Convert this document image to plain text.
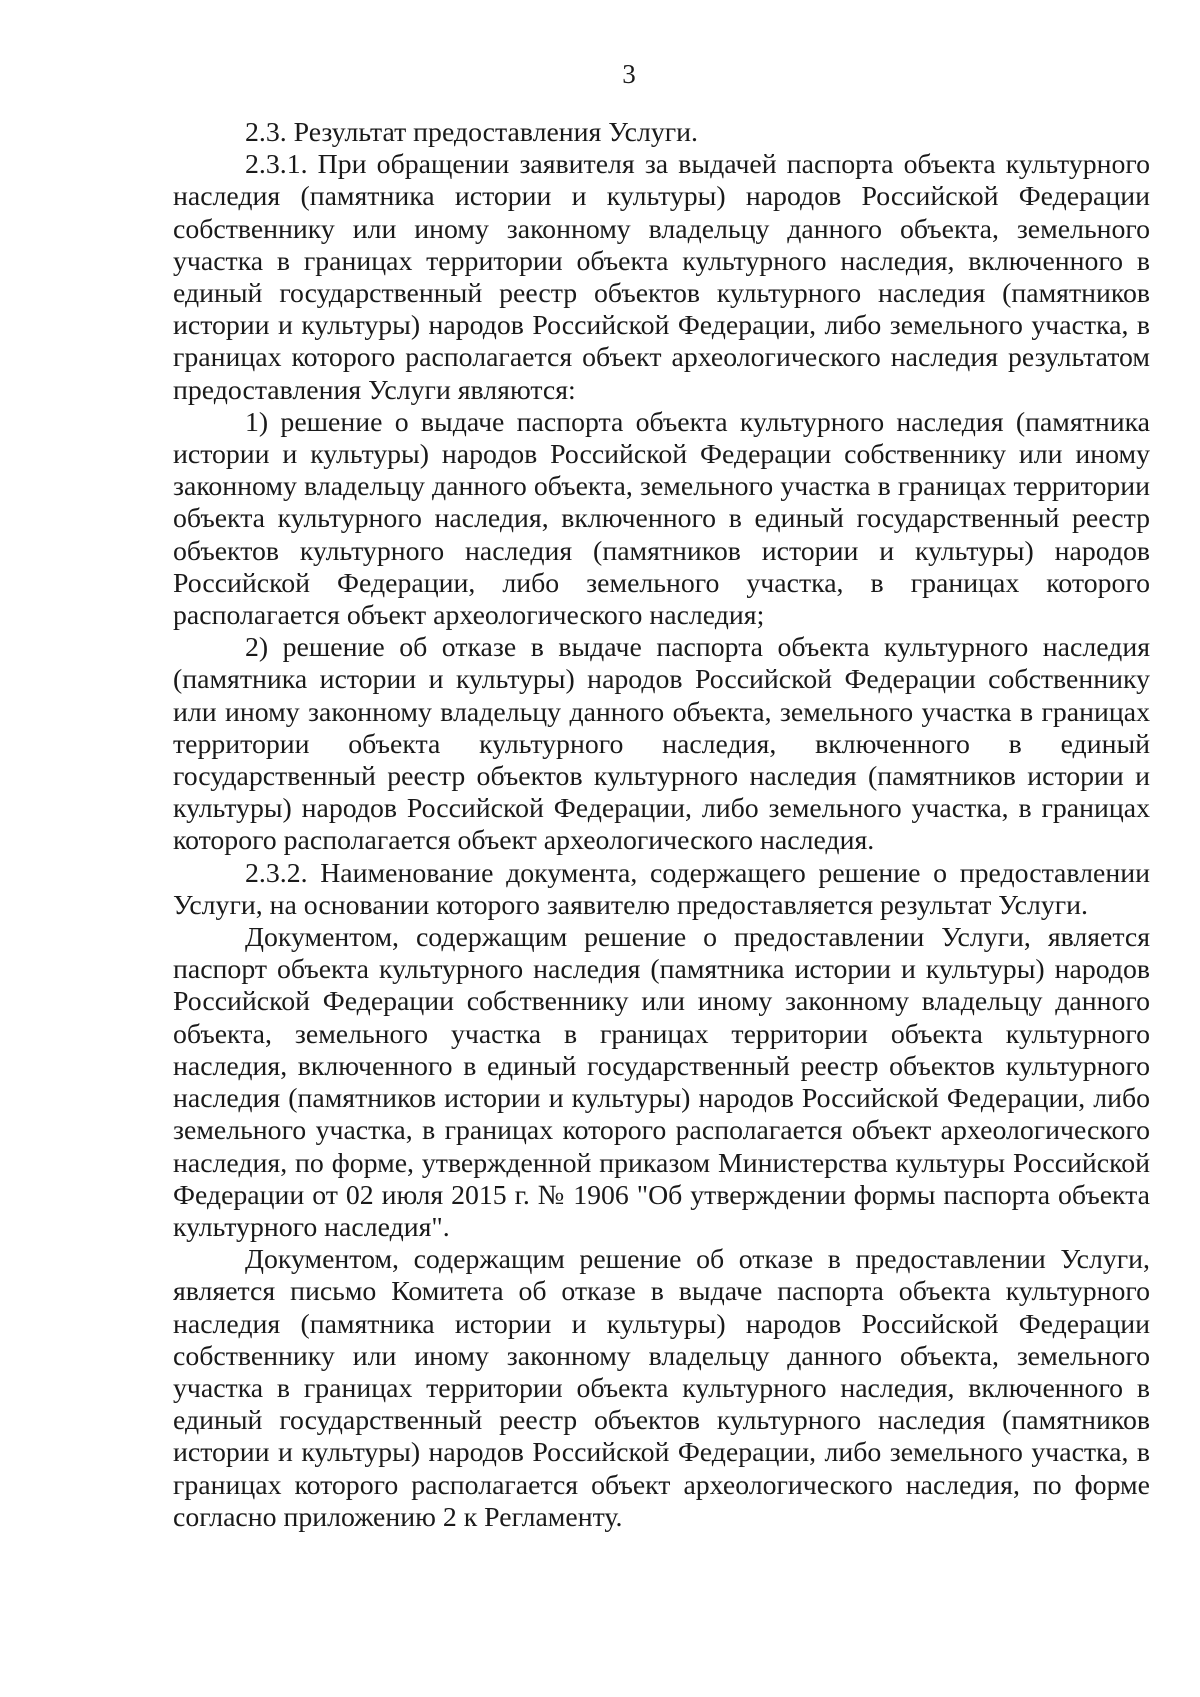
3

2.3. Результат предоставления Услуги.

2.3.1. При обращении заявителя за выдачей паспорта объекта культурного наследия (памятника истории и культуры) народов Российской Федерации собственнику или иному законному владельцу данного объекта, земельного участка в границах территории объекта культурного наследия, включенного в единый государственный реестр объектов культурного наследия (памятников истории и культуры) народов Российской Федерации, либо земельного участка, в границах которого располагается объект археологического наследия результатом предоставления Услуги являются:

1) решение о выдаче паспорта объекта культурного наследия (памятника истории и культуры) народов Российской Федерации собственнику или иному законному владельцу данного объекта, земельного участка в границах территории объекта культурного наследия, включенного в единый государственный реестр объектов культурного наследия (памятников истории и культуры) народов Российской Федерации, либо земельного участка, в границах которого располагается объект археологического наследия;

2) решение об отказе в выдаче паспорта объекта культурного наследия (памятника истории и культуры) народов Российской Федерации собственнику или иному законному владельцу данного объекта, земельного участка в границах территории объекта культурного наследия, включенного в единый государственный реестр объектов культурного наследия (памятников истории и культуры) народов Российской Федерации, либо земельного участка, в границах которого располагается объект археологического наследия.

2.3.2. Наименование документа, содержащего решение о предоставлении Услуги, на основании которого заявителю предоставляется результат Услуги.

Документом, содержащим решение о предоставлении Услуги, является паспорт объекта культурного наследия (памятника истории и культуры) народов Российской Федерации собственнику или иному законному владельцу данного объекта, земельного участка в границах территории объекта культурного наследия, включенного в единый государственный реестр объектов культурного наследия (памятников истории и культуры) народов Российской Федерации, либо земельного участка, в границах которого располагается объект археологического наследия, по форме, утвержденной приказом Министерства культуры Российской Федерации от 02 июля 2015 г. № 1906 "Об утверждении формы паспорта объекта культурного наследия".

Документом, содержащим решение об отказе в предоставлении Услуги, является письмо Комитета об отказе в выдаче паспорта объекта культурного наследия (памятника истории и культуры) народов Российской Федерации собственнику или иному законному владельцу данного объекта, земельного участка в границах территории объекта культурного наследия, включенного в единый государственный реестр объектов культурного наследия (памятников истории и культуры) народов Российской Федерации, либо земельного участка, в границах которого располагается объект археологического наследия, по форме согласно приложению 2 к Регламенту.
